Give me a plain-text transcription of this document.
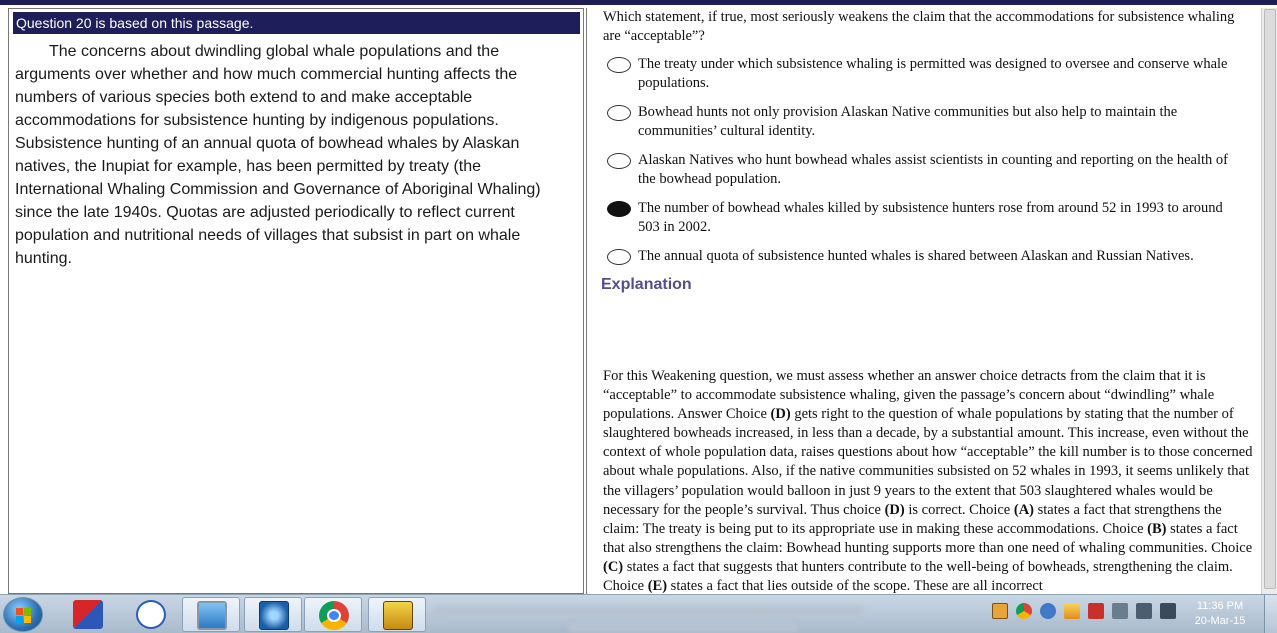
Question 20 is based on this passage.
The concerns about dwindling global whale populations and the arguments over whether and how much commercial hunting affects the numbers of various species both extend to and make acceptable accommodations for subsistence hunting by indigenous populations. Subsistence hunting of an annual quota of bowhead whales by Alaskan natives, the Inupiat for example, has been permitted by treaty (the International Whaling Commission and Governance of Aboriginal Whaling) since the late 1940s. Quotas are adjusted periodically to reflect current population and nutritional needs of villages that subsist in part on whale hunting.
Which statement, if true, most seriously weakens the claim that the accommodations for subsistence whaling are “acceptable”?
The treaty under which subsistence whaling is permitted was designed to oversee and conserve whale populations.
Bowhead hunts not only provision Alaskan Native communities but also help to maintain the communities’ cultural identity.
Alaskan Natives who hunt bowhead whales assist scientists in counting and reporting on the health of the bowhead population.
The number of bowhead whales killed by subsistence hunters rose from around 52 in 1993 to around 503 in 2002.
The annual quota of subsistence hunted whales is shared between Alaskan and Russian Natives.
Explanation
For this Weakening question, we must assess whether an answer choice detracts from the claim that it is “acceptable” to accommodate subsistence whaling, given the passage’s concern about “dwindling” whale populations. Answer Choice (D) gets right to the question of whale populations by stating that the number of slaughtered bowheads increased, in less than a decade, by a substantial amount. This increase, even without the context of whole population data, raises questions about how “acceptable” the kill number is to those concerned about whale populations. Also, if the native communities subsisted on 52 whales in 1993, it seems unlikely that the villagers’ population would balloon in just 9 years to the extent that 503 slaughtered whales would be necessary for the people’s survival. Thus choice (D) is correct. Choice (A) states a fact that strengthens the claim: The treaty is being put to its appropriate use in making these accommodations. Choice (B) states a fact that also strengthens the claim: Bowhead hunting supports more than one need of whaling communities. Choice (C) states a fact that suggests that hunters contribute to the well-being of bowheads, strengthening the claim. Choice (E) states a fact that lies outside of the scope. These are all incorrect
11:36 PM
20-Mar-15
